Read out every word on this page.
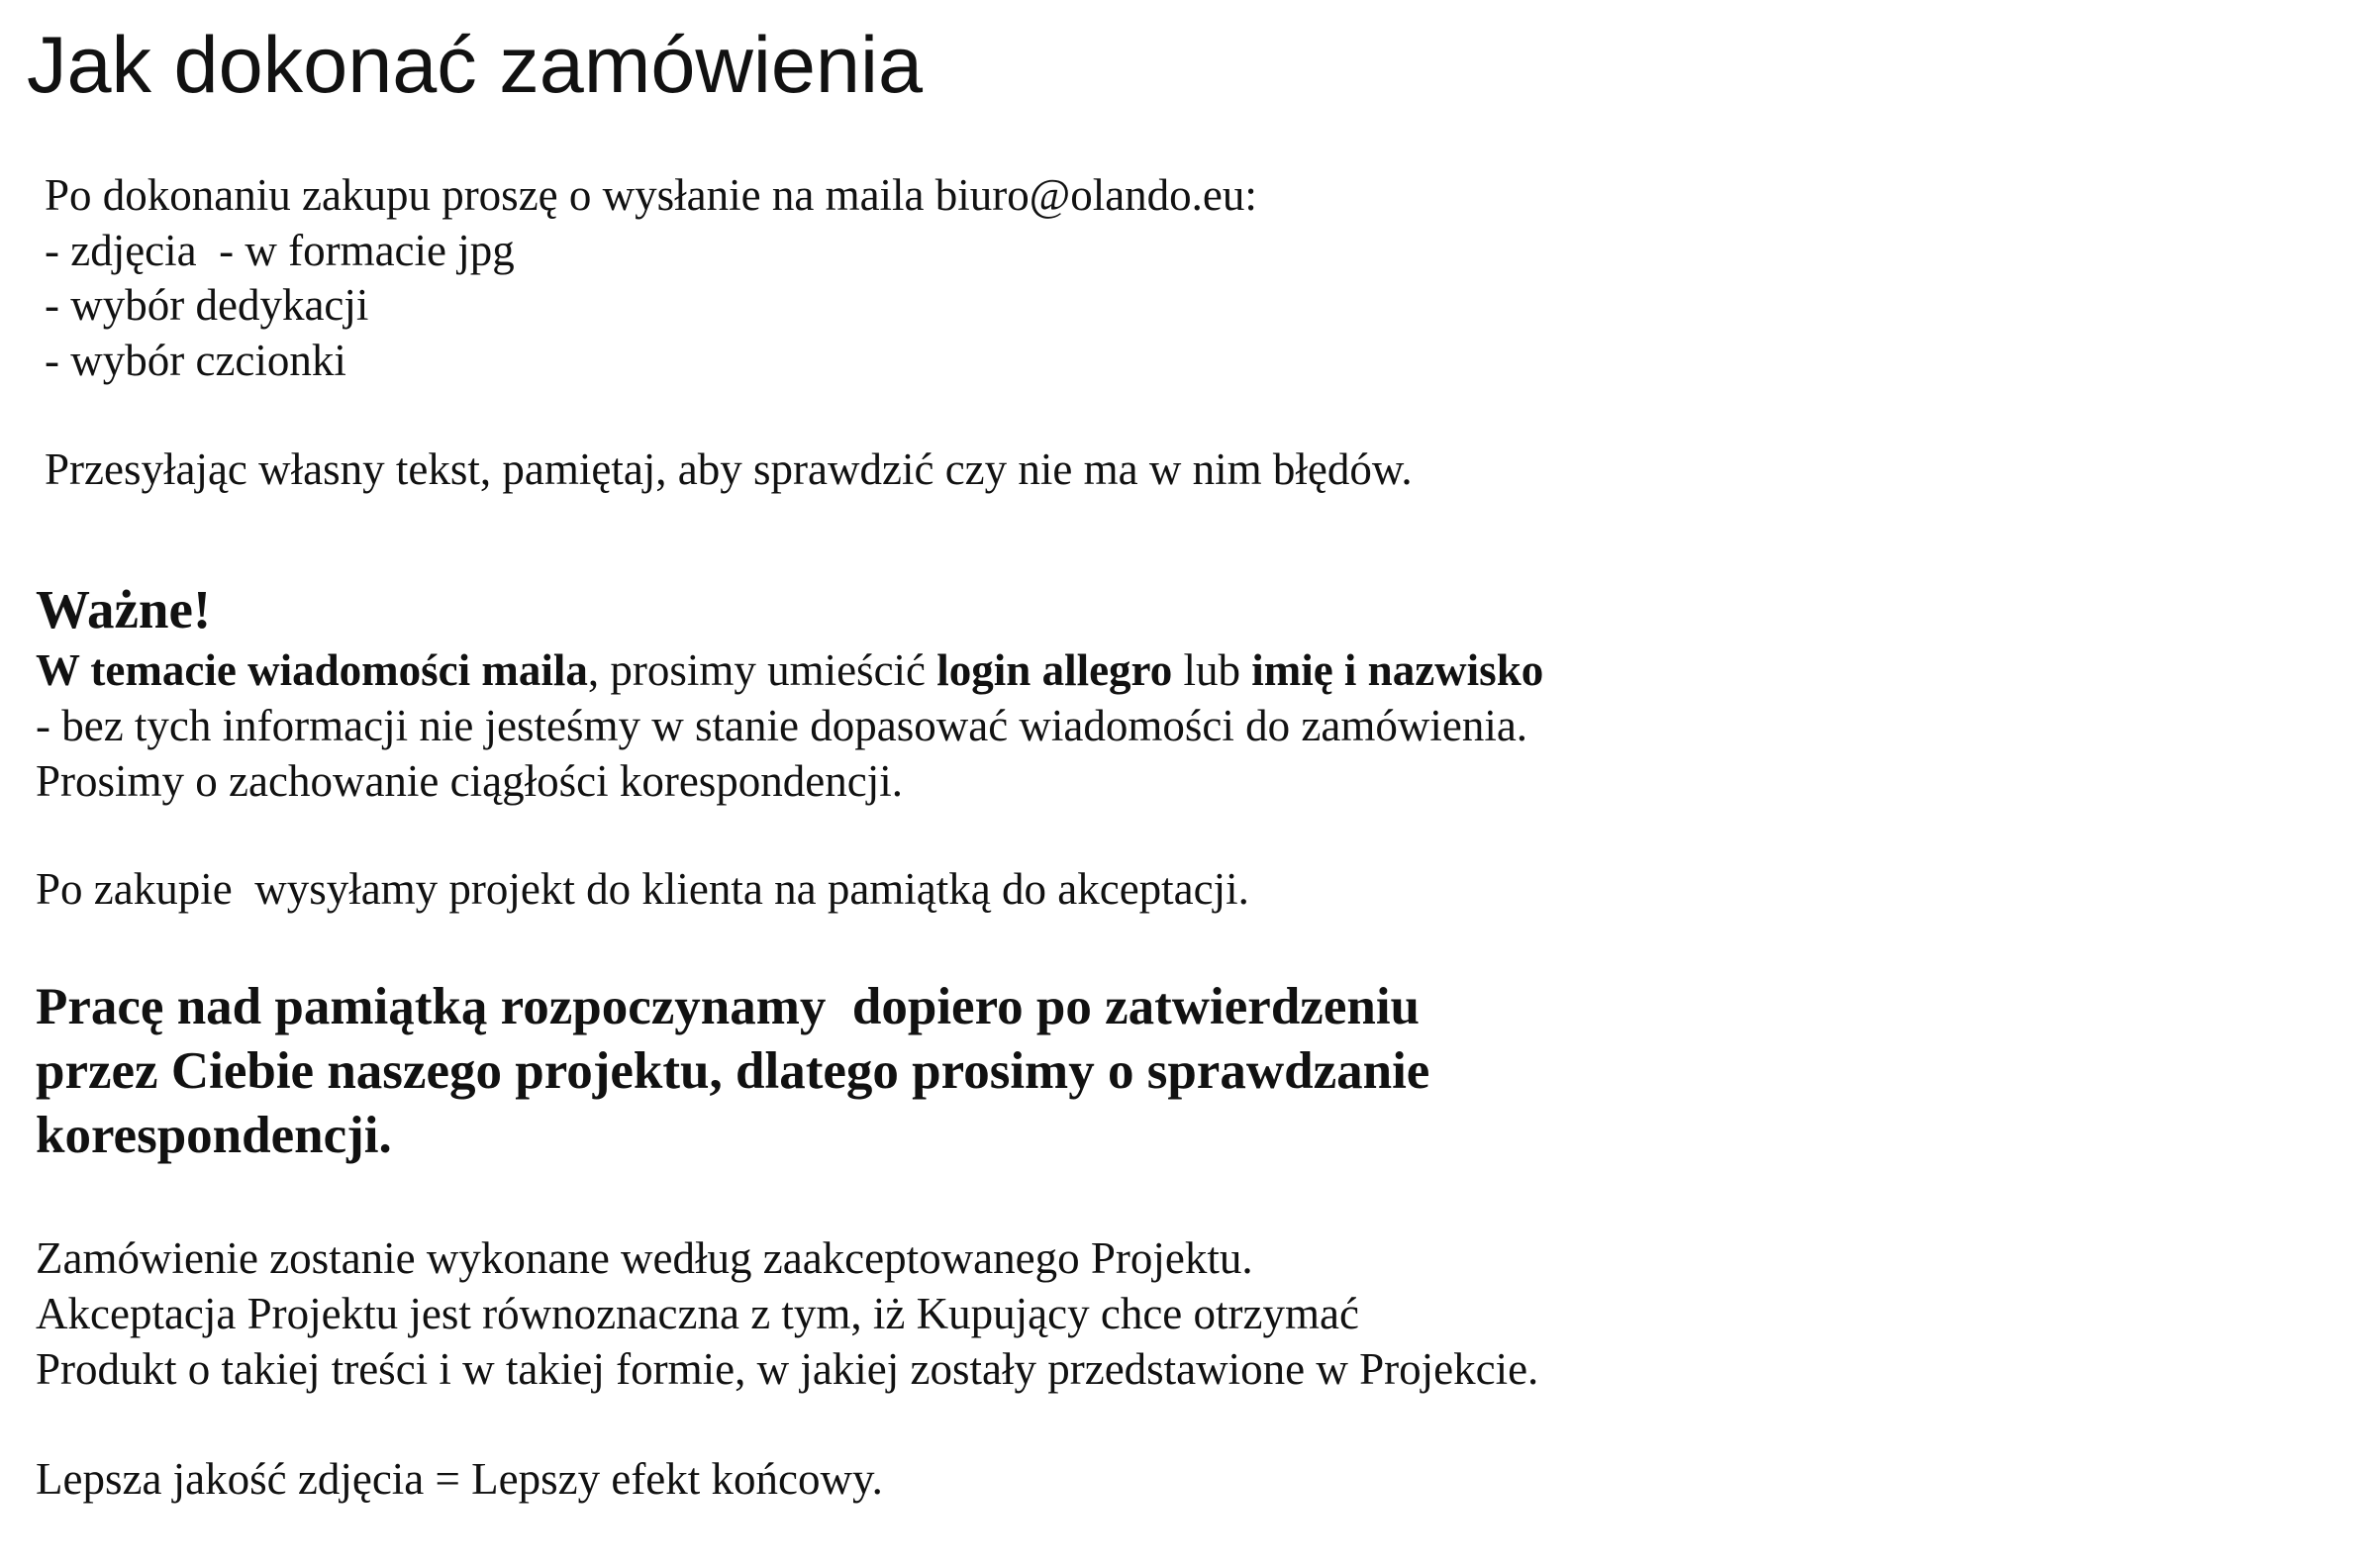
Jak dokonać zamówienia
Po dokonaniu zakupu proszę o wysłanie na maila biuro@olando.eu:
- zdjęcia  - w formacie jpg
- wybór dedykacji
- wybór czcionki
Przesyłając własny tekst, pamiętaj, aby sprawdzić czy nie ma w nim błędów.
Ważne!
W temacie wiadomości maila, prosimy umieścić login allegro lub imię i nazwisko
- bez tych informacji nie jesteśmy w stanie dopasować wiadomości do zamówienia.
Prosimy o zachowanie ciągłości korespondencji.
Po zakupie  wysyłamy projekt do klienta na pamiątką do akceptacji.
Pracę nad pamiątką rozpoczynamy  dopiero po zatwierdzeniu
przez Ciebie naszego projektu, dlatego prosimy o sprawdzanie
korespondencji.
Zamówienie zostanie wykonane według zaakceptowanego Projektu.
Akceptacja Projektu jest równoznaczna z tym, iż Kupujący chce otrzymać
Produkt o takiej treści i w takiej formie, w jakiej zostały przedstawione w Projekcie.
Lepsza jakość zdjęcia = Lepszy efekt końcowy.
